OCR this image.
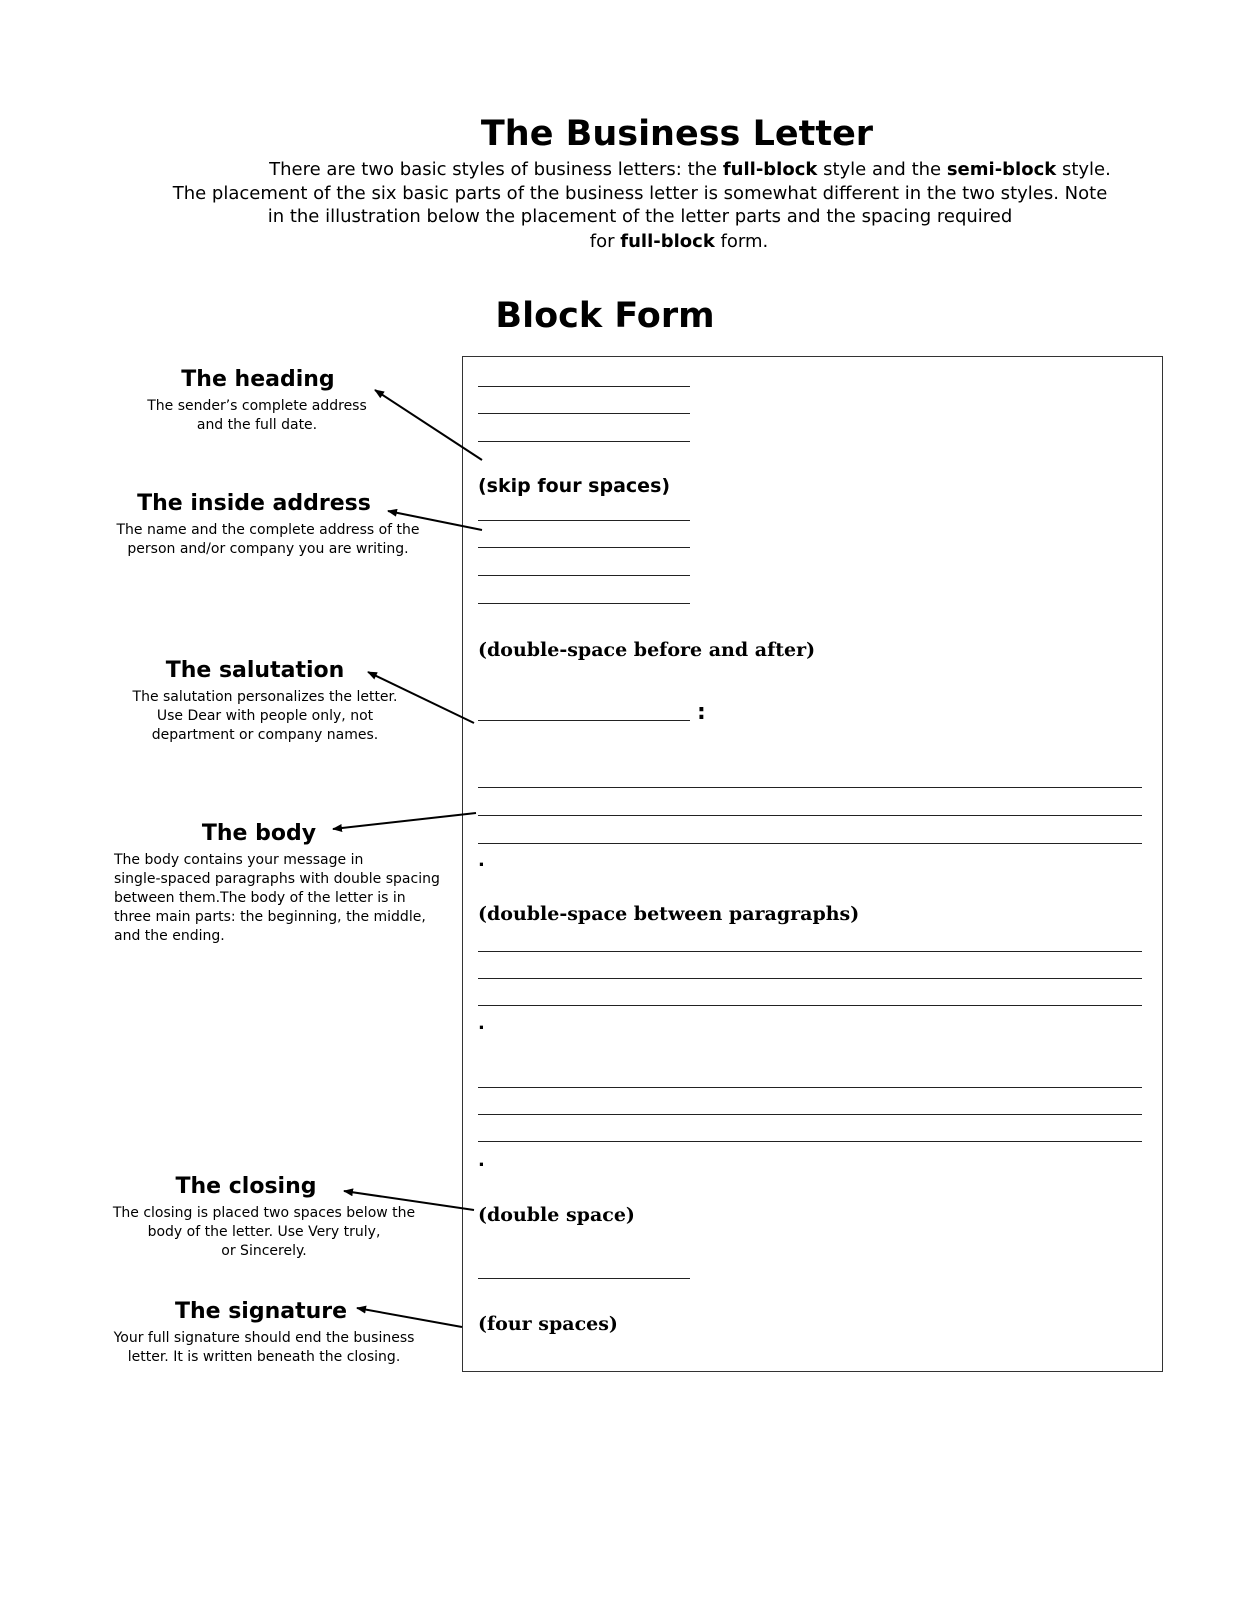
The Business Letter
There are two basic styles of business letters: the full-block style and the semi-block style.
The placement of the six basic parts of the business letter is somewhat different in the two styles. Note
in the illustration below the placement of the letter parts and the spacing required
for full-block form.
Block Form
The heading
The sender’s complete address
and the full date.
The inside address
The name and the complete address of the
person and/or company you are writing.
The salutation
The salutation personalizes the letter.
Use Dear with people only, not
department or company names.
The body
The body contains your message in
single-spaced paragraphs with double spacing
between them.The body of the letter is in
three main parts: the beginning, the middle,
and the ending.
The closing
The closing is placed two spaces below the
body of the letter. Use Very truly,
or Sincerely.
The signature
Your full signature should end the business
letter. It is written beneath the closing.
(skip four spaces)
(double-space before and after)
:
.
(double-space between paragraphs)
.
.
(double space)
(four spaces)
